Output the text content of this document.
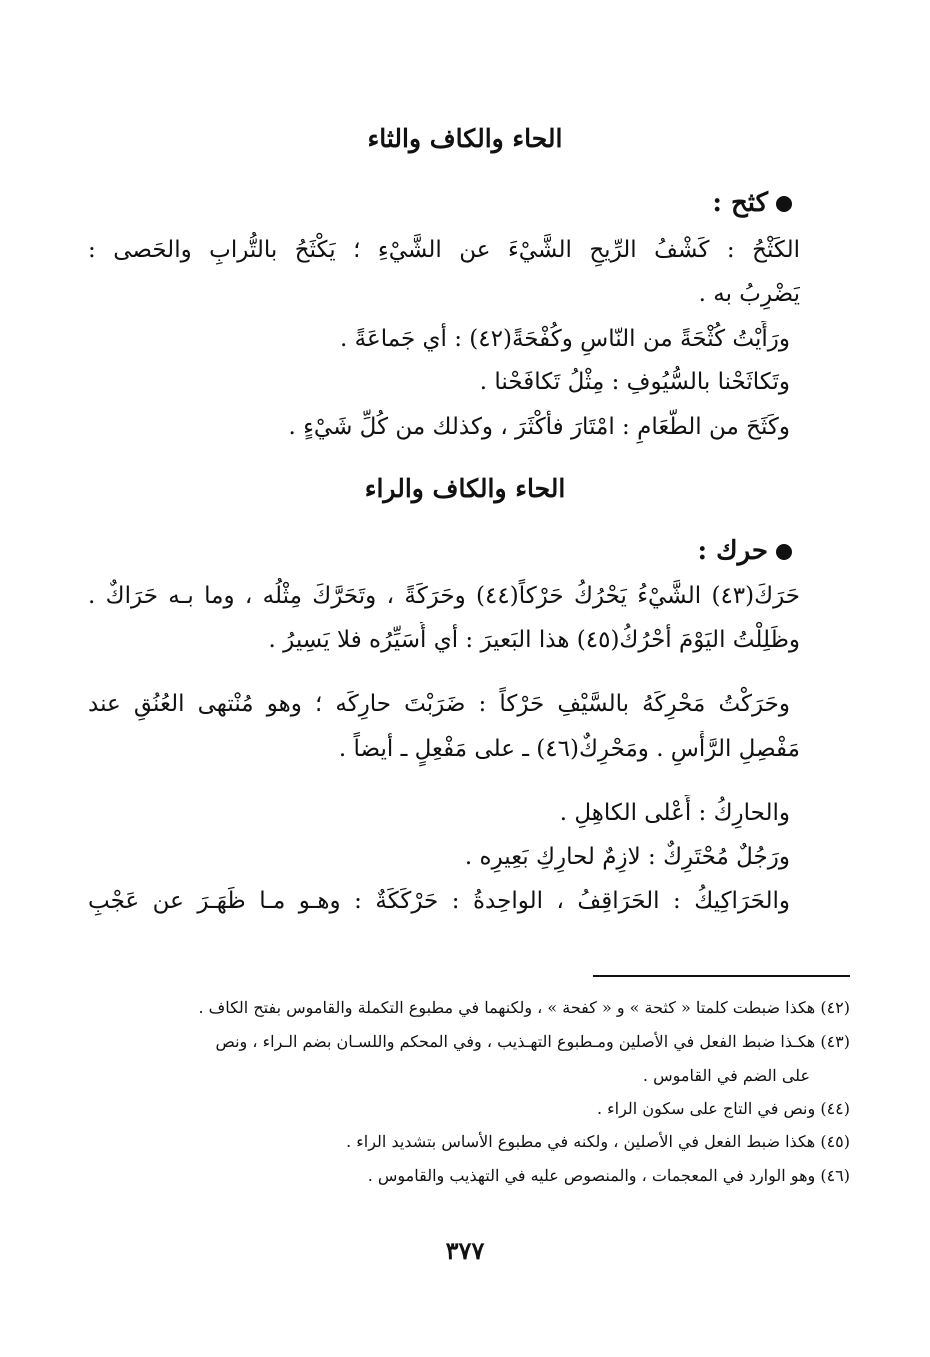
الحاء والكاف والثاء
كثح :
الكَثْحُ : كَشْفُ الرِّيحِ الشَّيْءَ عن الشَّيْءِ ؛ يَكْثَحُ بالتُّرابِ والحَصى :
يَضْرِبُ به .
ورَأَيْتُ كُثْحَةً من النّاسِ وكُفْحَةً(٤٢) : أي جَماعَةً .
وتَكاثَحْنا بالسُّيُوفِ : مِثْلُ تَكافَحْنا .
وكَثَحَ من الطَّعَامِ : امْتَارَ فأَكْثَرَ ، وكذلك من كُلِّ شَيْءٍ .
الحاء والكاف والراء
حرك :
حَرَكَ(٤٣) الشَّيْءُ يَحْرُكُ حَرْكاً(٤٤) وحَرَكَةً ، وتَحَرَّكَ مِثْلُه ، وما بـه حَرَاكٌ .
وظَلِلْتُ اليَوْمَ أحْرُكُ(٤٥) هذا البَعيرَ : أي أُسَيِّرُه فلا يَسِيرُ .
وحَرَكْتُ مَحْرِكَهُ بالسَّيْفِ حَرْكاً : ضَرَبْتَ حارِكَه ؛ وهو مُنْتهى العُنُقِ عند
مَفْصِلِ الرَّأْسِ . ومَحْرِكٌ(٤٦) ـ على مَفْعِلٍ ـ أيضاً .
والحارِكُ : أَعْلى الكاهِلِ .
ورَجُلٌ مُحْتَرِكٌ : لازِمٌ لحارِكِ بَعِيرِه .
والحَرَاكِيكُ : الحَرَاقِفُ ، الواحِدةُ : حَرْكَكَةٌ : وهـو مـا ظَهَـرَ عن عَجْبِ
(٤٢) هكذا ضبطت كلمتا « كثحة » و « كفحة » ، ولكنهما في مطبوع التكملة والقاموس بفتح الكاف .
(٤٣) هكـذا ضبط الفعل في الأصلين ومـطبوع التهـذيب ، وفي المحكم واللسـان بضم الـراء ، ونص
على الضم في القاموس .
(٤٤) ونص في التاج على سكون الراء .
(٤٥) هكذا ضبط الفعل في الأصلين ، ولكنه في مطبوع الأساس بتشديد الراء .
(٤٦) وهو الوارد في المعجمات ، والمنصوص عليه في التهذيب والقاموس .
٣٧٧
